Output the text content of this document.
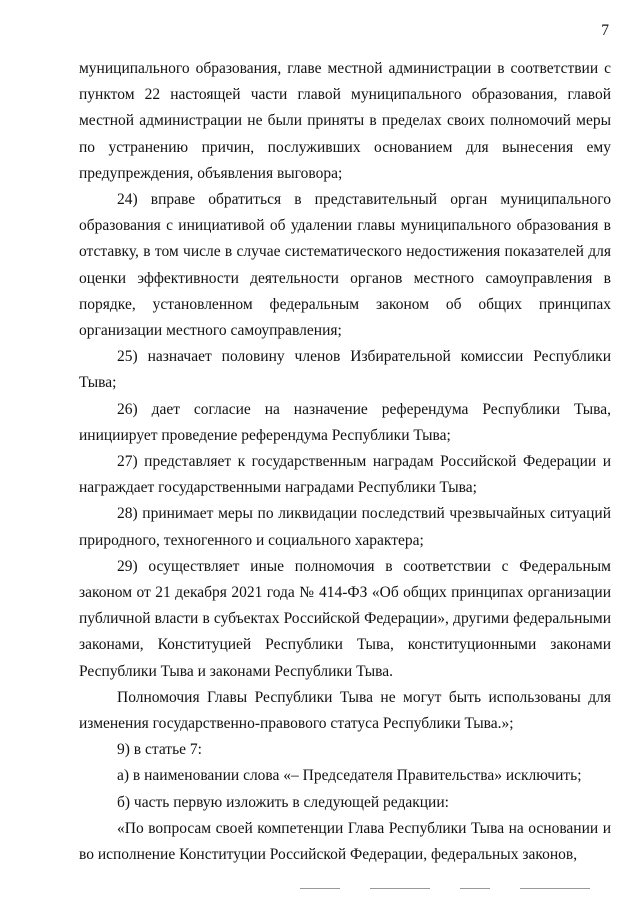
7

муниципального образования, главе местной администрации в соответствии с пунктом 22 настоящей части главой муниципального образования, главой местной администрации не были приняты в пределах своих полномочий меры по устранению причин, послуживших основанием для вынесения ему предупреждения, объявления выговора;

24) вправе обратиться в представительный орган муниципального образования с инициативой об удалении главы муниципального образования в отставку, в том числе в случае систематического недостижения показателей для оценки эффективности деятельности органов местного самоуправления в порядке, установленном федеральным законом об общих принципах организации местного самоуправления;

25) назначает половину членов Избирательной комиссии Республики Тыва;

26) дает согласие на назначение референдума Республики Тыва, инициирует проведение референдума Республики Тыва;

27) представляет к государственным наградам Российской Федерации и награждает государственными наградами Республики Тыва;

28) принимает меры по ликвидации последствий чрезвычайных ситуаций природного, техногенного и социального характера;

29) осуществляет иные полномочия в соответствии с Федеральным законом от 21 декабря 2021 года № 414-ФЗ «Об общих принципах организации публичной власти в субъектах Российской Федерации», другими федеральными законами, Конституцией Республики Тыва, конституционными законами Республики Тыва и законами Республики Тыва.

Полномочия Главы Республики Тыва не могут быть использованы для изменения государственно-правового статуса Республики Тыва.»;

9) в статье 7:

а) в наименовании слова «– Председателя Правительства» исключить;

б) часть первую изложить в следующей редакции:

«По вопросам своей компетенции Глава Республики Тыва на основании и во исполнение Конституции Российской Федерации, федеральных законов,
